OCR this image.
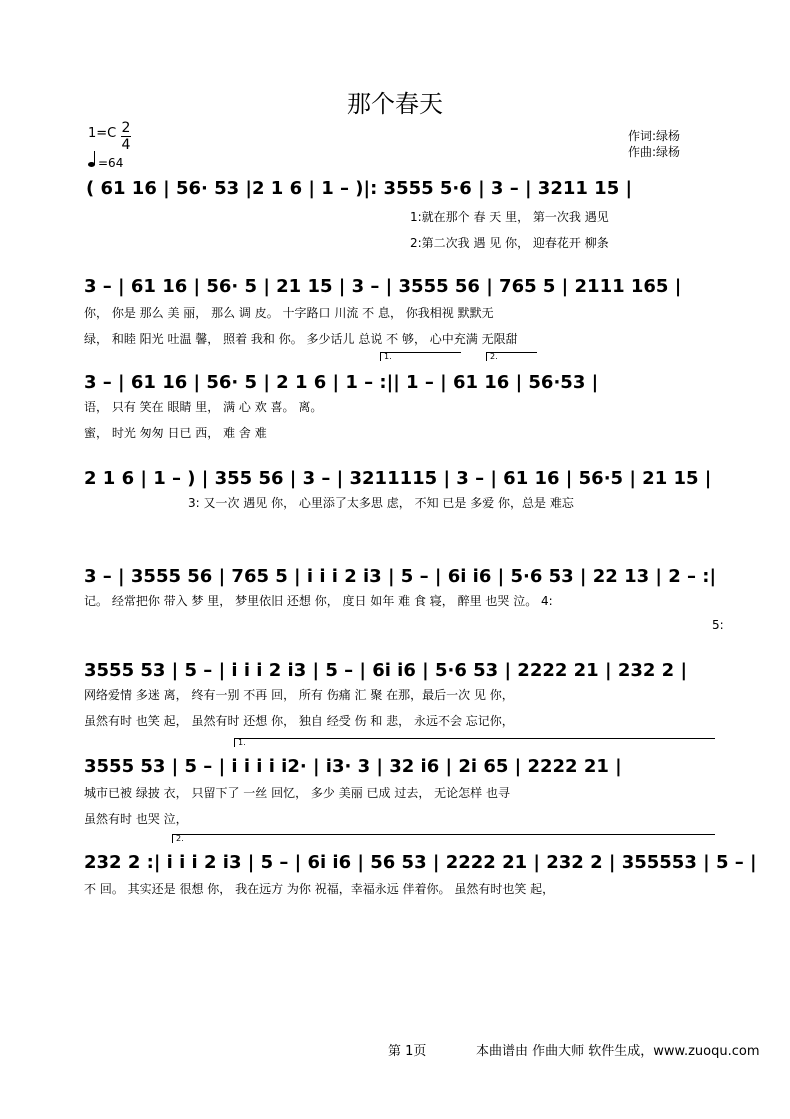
那个春天
1=C 2
4
=64
作词:绿杨
作曲:绿杨
( 61 16 | 56· 53 |2 1 6 | 1 – )|: 3555 5·6 | 3 – | 3211 15 |
1:就在那个 春 天 里， 第一次我 遇见
2:第二次我 遇 见 你， 迎春花开 柳条
3 – | 61 16 | 56· 5 | 21 15 | 3 – | 3555 56 | 765 5 | 2111 165 |
你， 你是 那么 美 丽， 那么 调 皮。 十字路口 川流 不 息， 你我相视 默默无
绿， 和睦 阳光 吐温 馨， 照着 我和 你。 多少话儿 总说 不 够， 心中充满 无限甜
1.	2.
3 – | 61 16 | 56· 5 | 2 1 6 | 1 – :|| 1 – | 61 16 | 56·53 |
语， 只有 笑在 眼睛 里， 满 心 欢 喜。 离。
蜜， 时光 匆匆 日已 西， 难 舍 难
2 1 6 | 1 – ) | 355 56 | 3 – | 3211115 | 3 – | 61 16 | 56·5 | 21 15 |
3: 又一次 遇见 你， 心里添了太多思 虑， 不知 已是 多爱 你，总是 难忘
3 – | 3555 56 | 765 5 | i i i 2 i3 | 5 – | 6i i6 | 5·6 53 | 22 13 | 2 – :|
记。 经常把你 带入 梦 里， 梦里依旧 还想 你， 度日 如年 难 食 寝， 醉里 也哭 泣。 4:
5:
3555 53 | 5 – | i i i 2 i3 | 5 – | 6i i6 | 5·6 53 | 2222 21 | 232 2 |
网络爱情 多迷 离， 终有一别 不再 回， 所有 伤痛 汇 聚 在那，最后一次 见 你，
虽然有时 也笑 起， 虽然有时 还想 你， 独自 经受 伤 和 悲， 永远不会 忘记你，
1.
3555 53 | 5 – | i i i i i2· | i3· 3 | 32 i6 | 2i 65 | 2222 21 |
城市已被 绿披 衣， 只留下了 一丝 回忆， 多少 美丽 已成 过去， 无论怎样 也寻
虽然有时 也哭 泣，
2.
232 2 :| i i i 2 i3 | 5 – | 6i i6 | 56 53 | 2222 21 | 232 2 | 355553 | 5 – |
不 回。 其实还是 很想 你， 我在远方 为你 祝福，幸福永远 伴着你。 虽然有时也笑 起，
第 1页	本曲谱由 作曲大师 软件生成，www.zuoqu.com
